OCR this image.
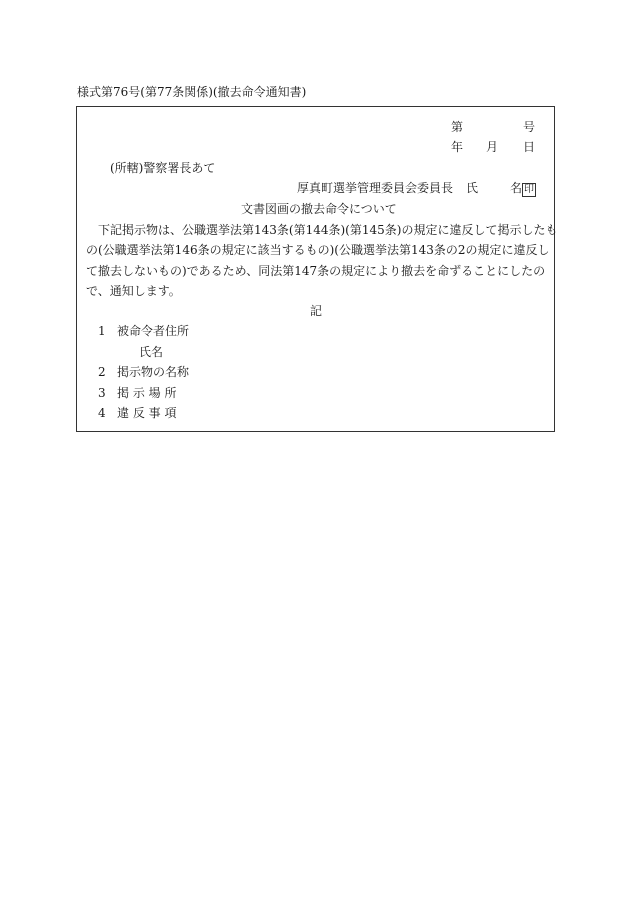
様式第76号(第77条関係)(撤去命令通知書)
第	号
年 月 日
(所轄)警察署長あて
厚真町選挙管理委員会委員長 氏	名 印
文書図画の撤去命令について
下記掲示物は、公職選挙法第143条(第144条)(第145条)の規定に違反して掲示したも
の(公職選挙法第146条の規定に該当するもの)(公職選挙法第143条の2の規定に違反し
て撤去しないもの)であるため、同法第147条の規定により撤去を命ずることにしたの
で、通知します。
記
1 被命令者住所
氏名
2 掲示物の名称
3 掲 示 場 所
4 違 反 事 項
